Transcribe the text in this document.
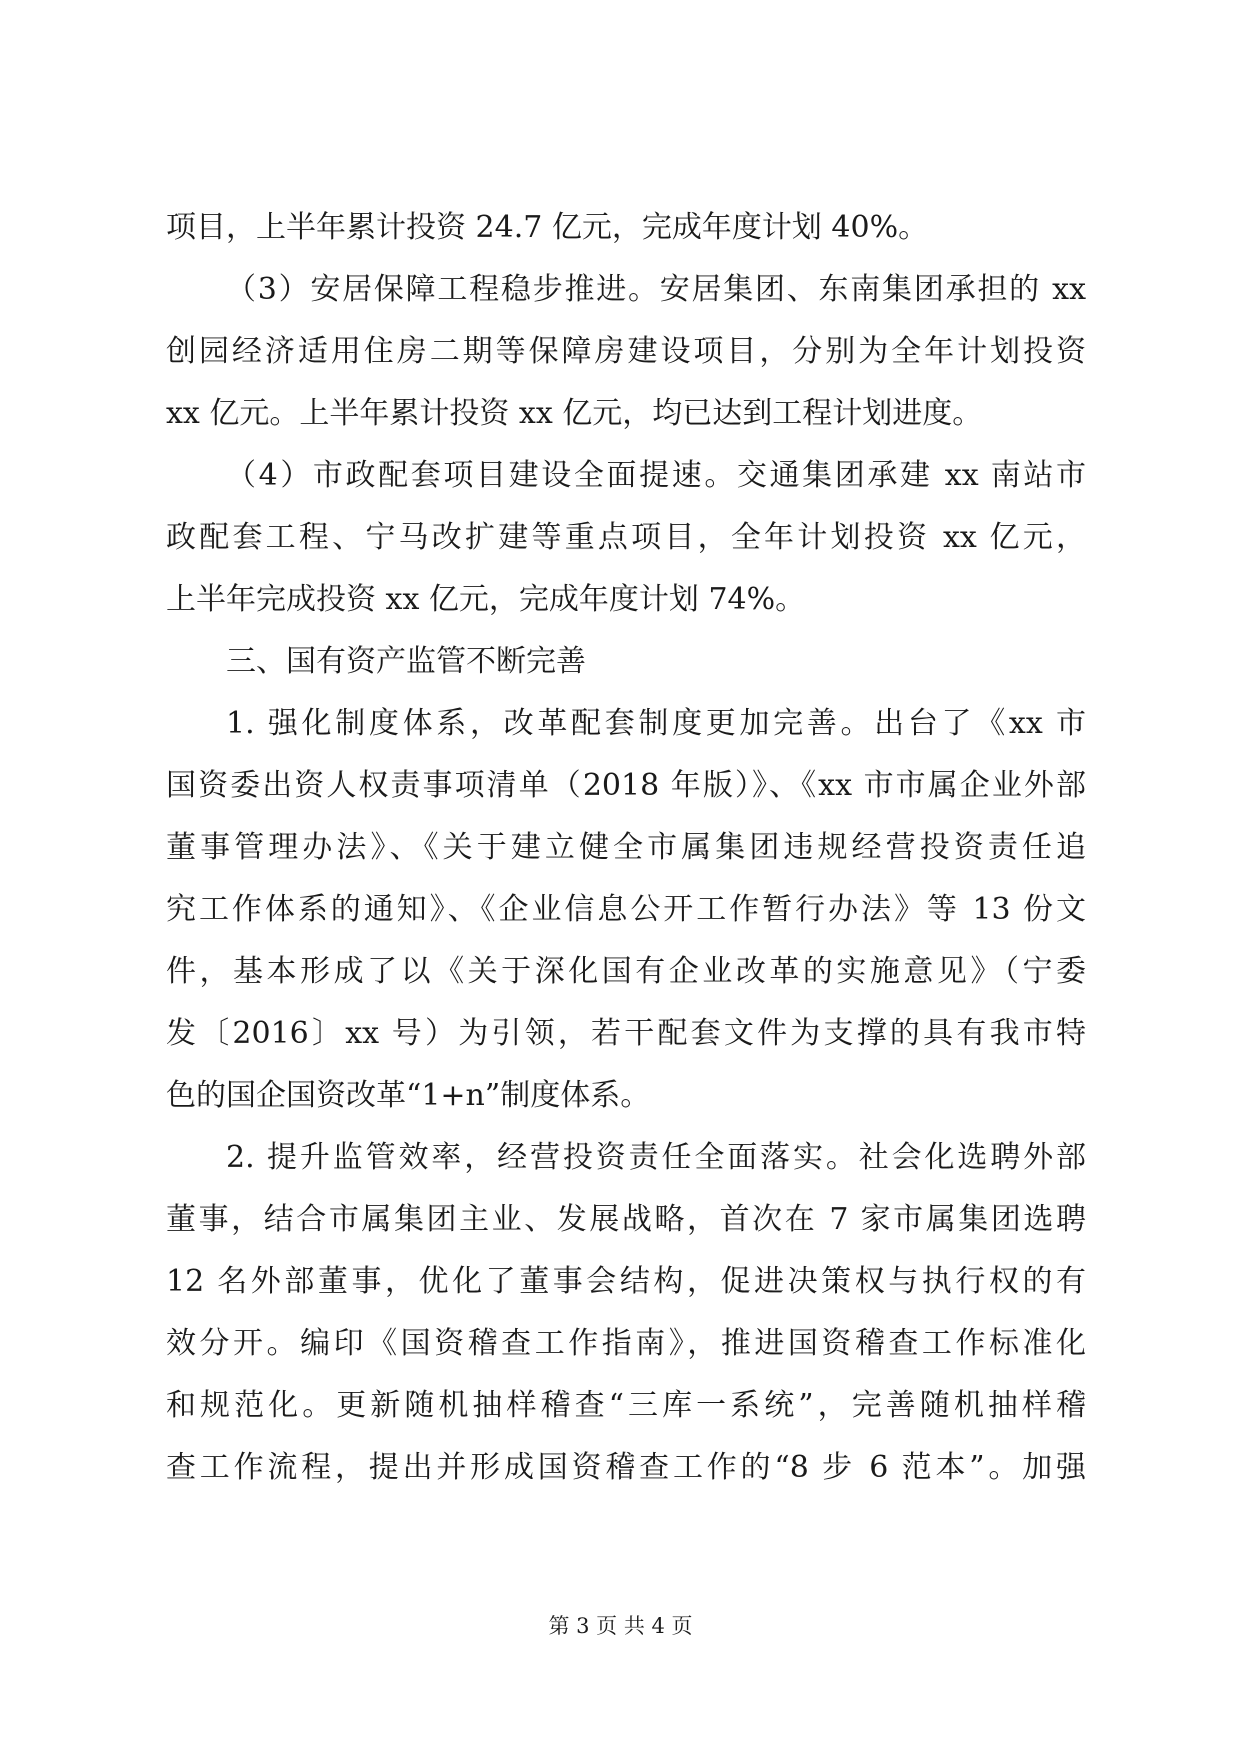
项目，上半年累计投资 24.7 亿元，完成年度计划 40%。
（3）安居保障工程稳步推进。安居集团、东南集团承担的 xx
创园经济适用住房二期等保障房建设项目，分别为全年计划投资
xx 亿元。上半年累计投资 xx 亿元，均已达到工程计划进度。
（4）市政配套项目建设全面提速。交通集团承建 xx 南站市
政配套工程、宁马改扩建等重点项目，全年计划投资 xx 亿元，
上半年完成投资 xx 亿元，完成年度计划 74%。
三、国有资产监管不断完善
1. 强化制度体系，改革配套制度更加完善。出台了《xx 市
国资委出资人权责事项清单（2018 年版）》、《xx 市市属企业外部
董事管理办法》、《关于建立健全市属集团违规经营投资责任追
究工作体系的通知》、《企业信息公开工作暂行办法》等 13 份文
件，基本形成了以《关于深化国有企业改革的实施意见》（宁委
发〔2016〕xx 号）为引领，若干配套文件为支撑的具有我市特
色的国企国资改革“1+n”制度体系。
2. 提升监管效率，经营投资责任全面落实。社会化选聘外部
董事，结合市属集团主业、发展战略，首次在 7 家市属集团选聘
12 名外部董事，优化了董事会结构，促进决策权与执行权的有
效分开。编印《国资稽查工作指南》，推进国资稽查工作标准化
和规范化。更新随机抽样稽查“三库一系统”，完善随机抽样稽
查工作流程，提出并形成国资稽查工作的“8 步 6 范本”。加强
第 3 页 共 4 页
